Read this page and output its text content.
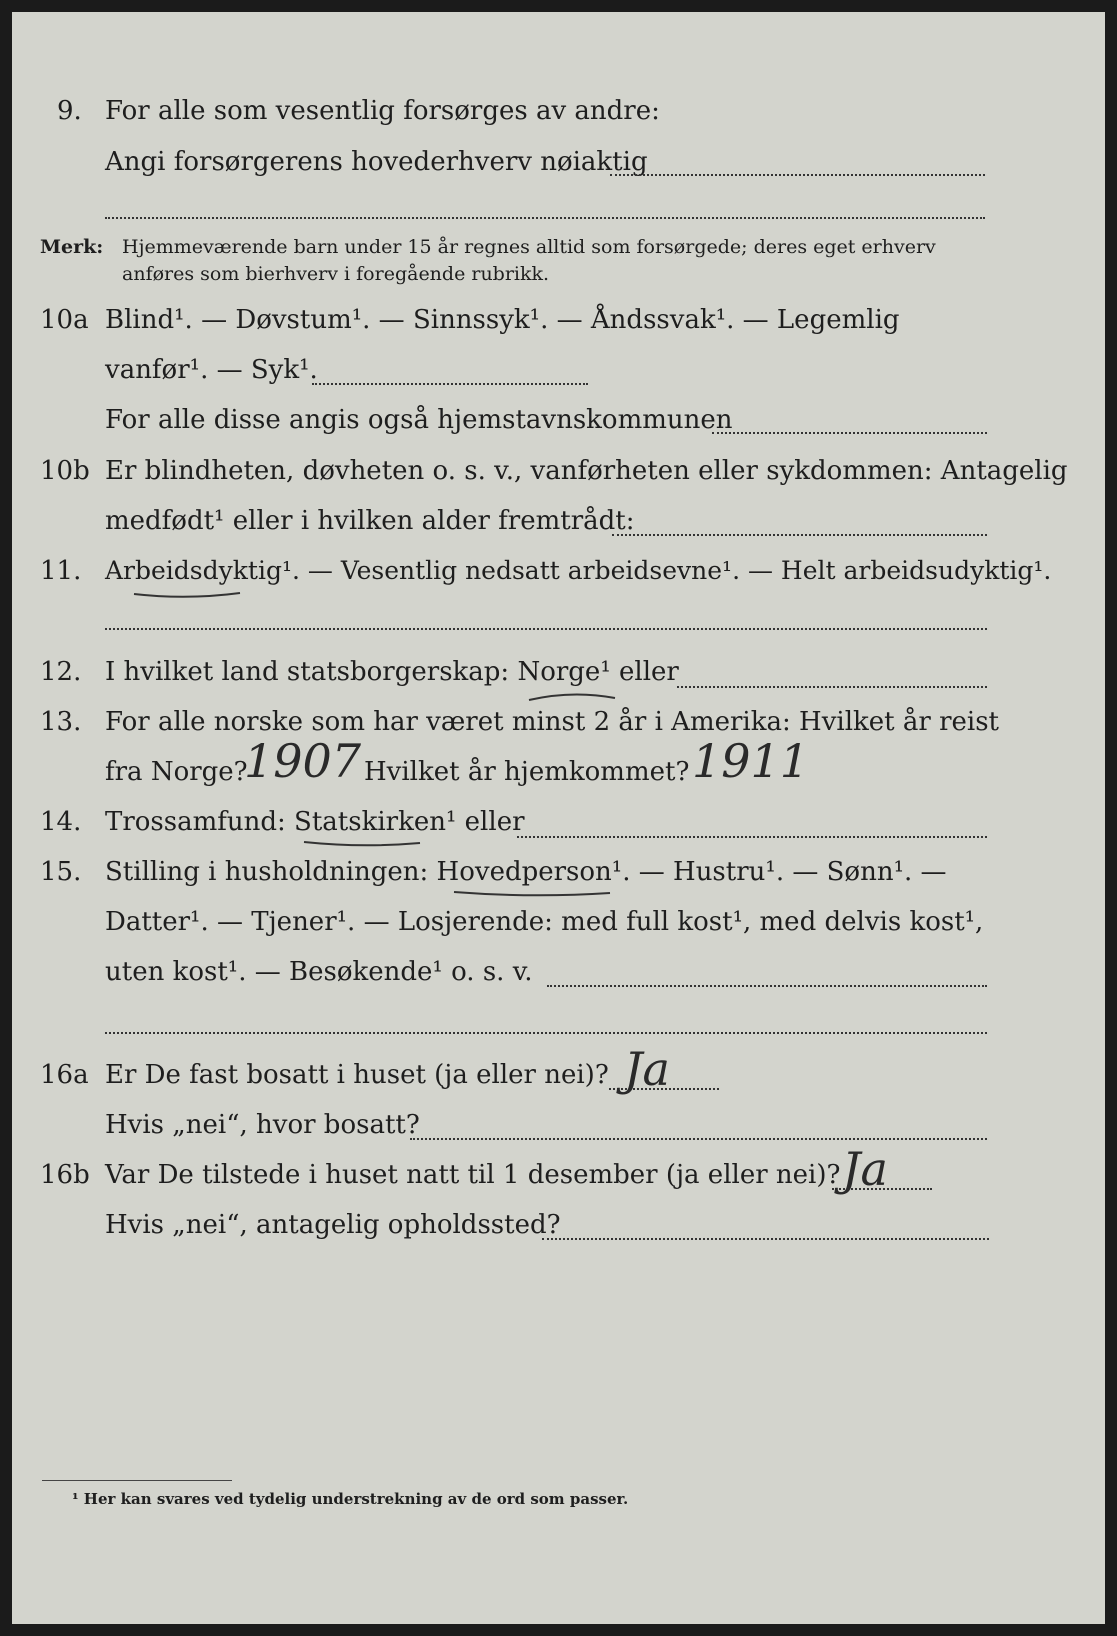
9. For alle som vesentlig forsørges av andre:
Angi forsørgerens hovederhverv nøiaktig
Merk: Hjemmeværende barn under 15 år regnes alltid som forsørgede; deres eget erhverv
anføres som bierhverv i foregående rubrikk.
10a Blind¹. — Døvstum¹. — Sinnssyk¹. — Åndssvak¹. — Legemlig
vanfør¹. — Syk¹.
For alle disse angis også hjemstavnskommunen
10b Er blindheten, døvheten o. s. v., vanførheten eller sykdommen: Antagelig
medfødt¹ eller i hvilken alder fremtrådt:
11. Arbeidsdyktig¹. — Vesentlig nedsatt arbeidsevne¹. — Helt arbeidsudyktig¹.
12. I hvilket land statsborgerskap: Norge¹ eller
13. For alle norske som har været minst 2 år i Amerika: Hvilket år reist
fra Norge?
1907 Hvilket år hjemkommet? 1911
14. Trossamfund: Statskirken¹ eller
15. Stilling i husholdningen: Hovedperson¹. — Hustru¹. — Sønn¹. —
Datter¹. — Tjener¹. — Losjerende: med full kost¹, med delvis kost¹,
uten kost¹. — Besøkende¹ o. s. v.
16a Er De fast bosatt i huset (ja eller nei)? Ja
Hvis „nei“, hvor bosatt?
16b Var De tilstede i huset natt til 1 desember (ja eller nei)? Ja
Hvis „nei“, antagelig opholdssted?
¹ Her kan svares ved tydelig understrekning av de ord som passer.
